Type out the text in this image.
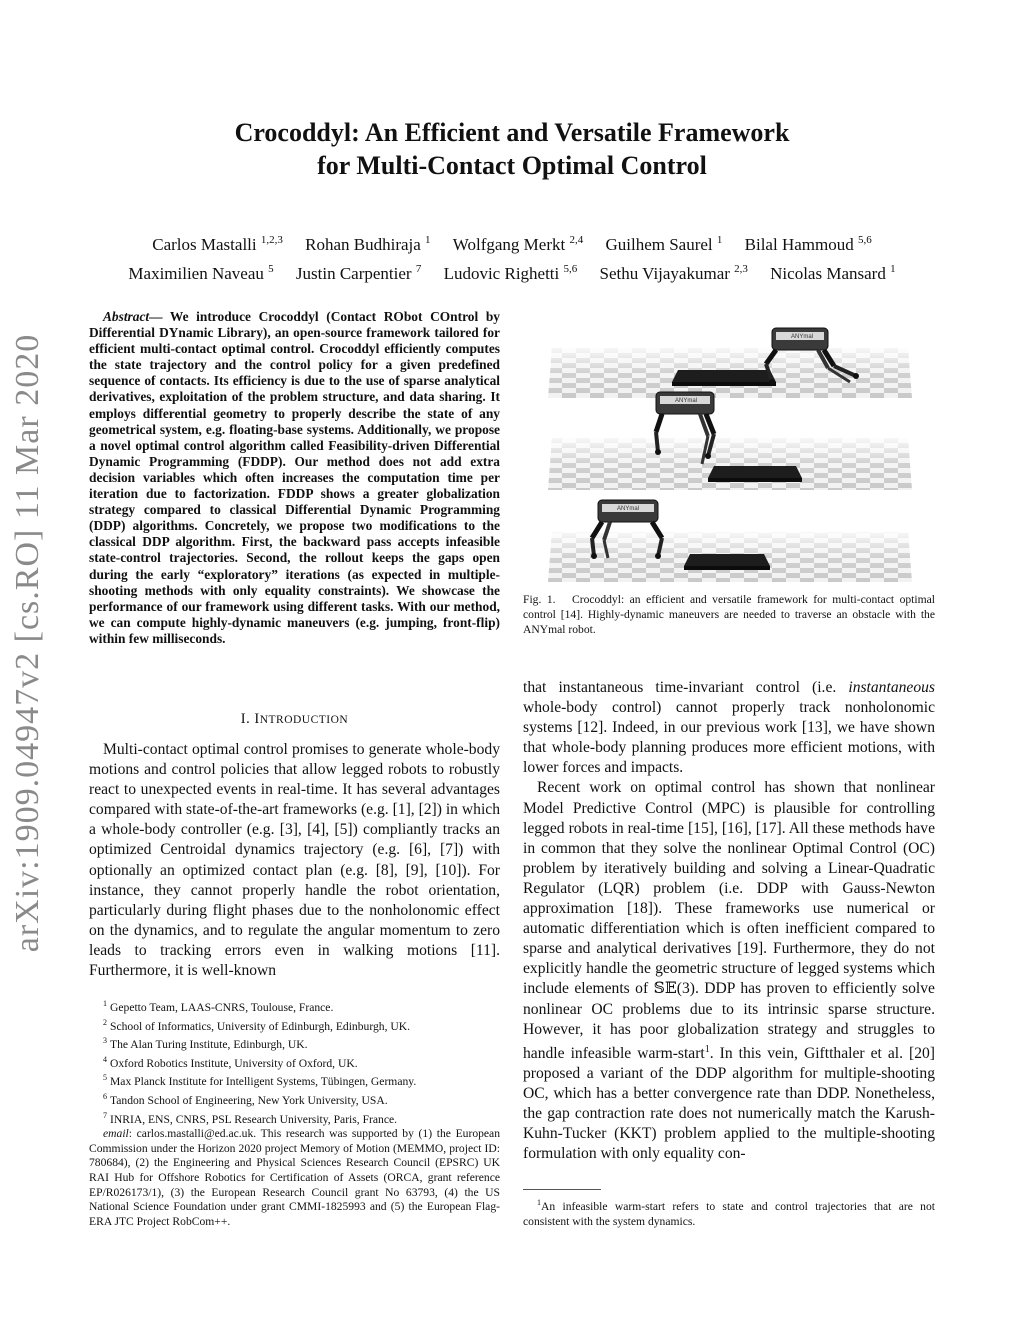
arXiv:1909.04947v2 [cs.RO] 11 Mar 2020
Crocoddyl: An Efficient and Versatile Framework
for Multi-Contact Optimal Control
Carlos Mastalli $^{1,2,3}$ Rohan Budhiraja $^1$ Wolfgang Merkt $^{2,4}$ Guilhem Saurel $^1$ Bilal Hammoud $^{5,6}$
Maximilien Naveau $^5$ Justin Carpentier $^7$ Ludovic Righetti $^{5,6}$ Sethu Vijayakumar $^{2,3}$ Nicolas Mansard $^1$
Abstract— We introduce Crocoddyl (Contact RObot COntrol by Differential DYnamic Library), an open-source framework tailored for efficient multi-contact optimal control. Crocoddyl efficiently computes the state trajectory and the control policy for a given predefined sequence of contacts. Its efficiency is due to the use of sparse analytical derivatives, exploitation of the problem structure, and data sharing. It employs differential geometry to properly describe the state of any geometrical system, e.g. floating-base systems. Additionally, we propose a novel optimal control algorithm called Feasibility-driven Differential Dynamic Programming (FDDP). Our method does not add extra decision variables which often increases the computation time per iteration due to factorization. FDDP shows a greater globalization strategy compared to classical Differential Dynamic Programming (DDP) algorithms. Concretely, we propose two modifications to the classical DDP algorithm. First, the backward pass accepts infeasible state-control trajectories. Second, the rollout keeps the gaps open during the early “exploratory” iterations (as expected in multiple-shooting methods with only equality constraints). We showcase the performance of our framework using different tasks. With our method, we can compute highly-dynamic maneuvers (e.g. jumping, front-flip) within few milliseconds.
I. INTRODUCTION

Multi-contact optimal control promises to generate whole-body motions and control policies that allow legged robots to robustly react to unexpected events in real-time. It has several advantages compared with state-of-the-art frameworks (e.g. [1], [2]) in which a whole-body controller (e.g. [3], [4], [5]) compliantly tracks an optimized Centroidal dynamics trajectory (e.g. [6], [7]) with optionally an optimized contact plan (e.g. [8], [9], [10]). For instance, they cannot properly handle the robot orientation, particularly during flight phases due to the nonholonomic effect on the dynamics, and to regulate the angular momentum to zero leads to tracking errors even in walking motions [11]. Furthermore, it is well-known

$^1$ Gepetto Team, LAAS-CNRS, Toulouse, France.
$^2$ School of Informatics, University of Edinburgh, Edinburgh, UK.
$^3$ The Alan Turing Institute, Edinburgh, UK.
$^4$ Oxford Robotics Institute, University of Oxford, UK.
$^5$ Max Planck Institute for Intelligent Systems, Tübingen, Germany.
$^6$ Tandon School of Engineering, New York University, USA.
$^7$ INRIA, ENS, CNRS, PSL Research University, Paris, France.
email: carlos.mastalli@ed.ac.uk. This research was supported by (1) the European Commission under the Horizon 2020 project Memory of Motion (MEMMO, project ID: 780684), (2) the Engineering and Physical Sciences Research Council (EPSRC) UK RAI Hub for Offshore Robotics for Certification of Assets (ORCA, grant reference EP/R026173/1), (3) the European Research Council grant No 63793, (4) the US National Science Foundation under grant CMMI-1825993 and (5) the European Flag-ERA JTC Project RobCom++.
ANYmal
ANYmal
ANYmal
Fig. 1. Crocoddyl: an efficient and versatile framework for multi-contact optimal control [14]. Highly-dynamic maneuvers are needed to traverse an obstacle with the ANYmal robot.

that instantaneous time-invariant control (i.e. instantaneous whole-body control) cannot properly track nonholonomic systems [12]. Indeed, in our previous work [13], we have shown that whole-body planning produces more efficient motions, with lower forces and impacts.

Recent work on optimal control has shown that nonlinear Model Predictive Control (MPC) is plausible for controlling legged robots in real-time [15], [16], [17]. All these methods have in common that they solve the nonlinear Optimal Control (OC) problem by iteratively building and solving a Linear-Quadratic Regulator (LQR) problem (i.e. DDP with Gauss-Newton approximation [18]). These frameworks use numerical or automatic differentiation which is often inefficient compared to sparse and analytical derivatives [19]. Furthermore, they do not explicitly handle the geometric structure of legged systems which include elements of 𝕊𝔼(3). DDP has proven to efficiently solve nonlinear OC problems due to its intrinsic sparse structure. However, it has poor globalization strategy and struggles to handle infeasible warm-start$^1$. In this vein, Giftthaler et al. [20] proposed a variant of the DDP algorithm for multiple-shooting OC, which has a better convergence rate than DDP. Nonetheless, the gap contraction rate does not numerically match the Karush-Kuhn-Tucker (KKT) problem applied to the multiple-shooting formulation with only equality con-

$^1$An infeasible warm-start refers to state and control trajectories that are not consistent with the system dynamics.
